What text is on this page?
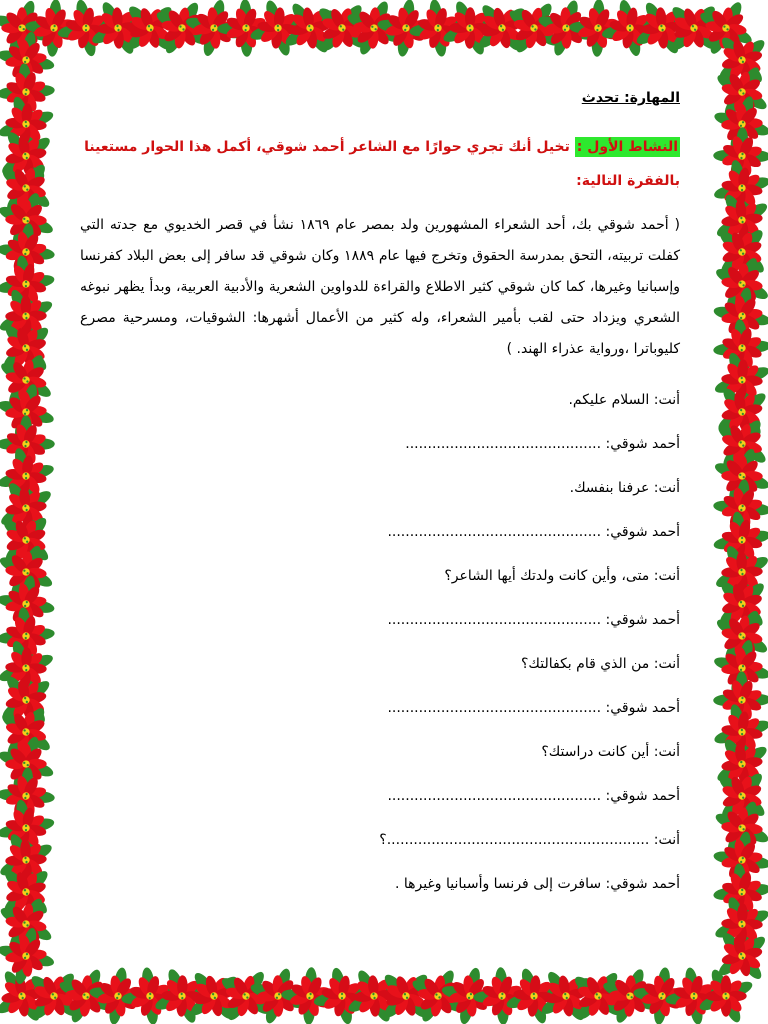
المهارة: تحدث
النشاط الأول : تخيل أنك تجري حوارًا مع الشاعر أحمد شوقي، أكمل هذا الحوار مستعينا بالفقرة التالية:
( أحمد شوقي بك، أحد الشعراء المشهورين ولد بمصر عام ١٨٦٩ نشأ في قصر الخديوي مع جدته التي كفلت تربيته، التحق بمدرسة الحقوق وتخرج فيها عام ١٨٨٩ وكان شوقي قد سافر إلى بعض البلاد كفرنسا وإسبانيا وغيرها، كما كان شوقي كثير الاطلاع والقراءة للدواوين الشعرية والأدبية العربية، وبدأ يظهر نبوغه الشعري ويزداد حتى لقب بأمير الشعراء، وله كثير من الأعمال أشهرها: الشوقيات، ومسرحية مصرع كليوباترا ،ورواية عذراء الهند. )
أنت: السلام عليكم.
أحمد شوقي: ............................................
أنت: عرفنا بنفسك.
أحمد شوقي: ................................................
أنت: متى، وأين كانت ولدتك أيها الشاعر؟
أحمد شوقي: ................................................
أنت: من الذي قام بكفالتك؟
أحمد شوقي: ................................................
أنت: أين كانت دراستك؟
أحمد شوقي: ................................................
أنت: ...........................................................؟
أحمد شوقي: سافرت إلى فرنسا وأسبانيا وغيرها .
